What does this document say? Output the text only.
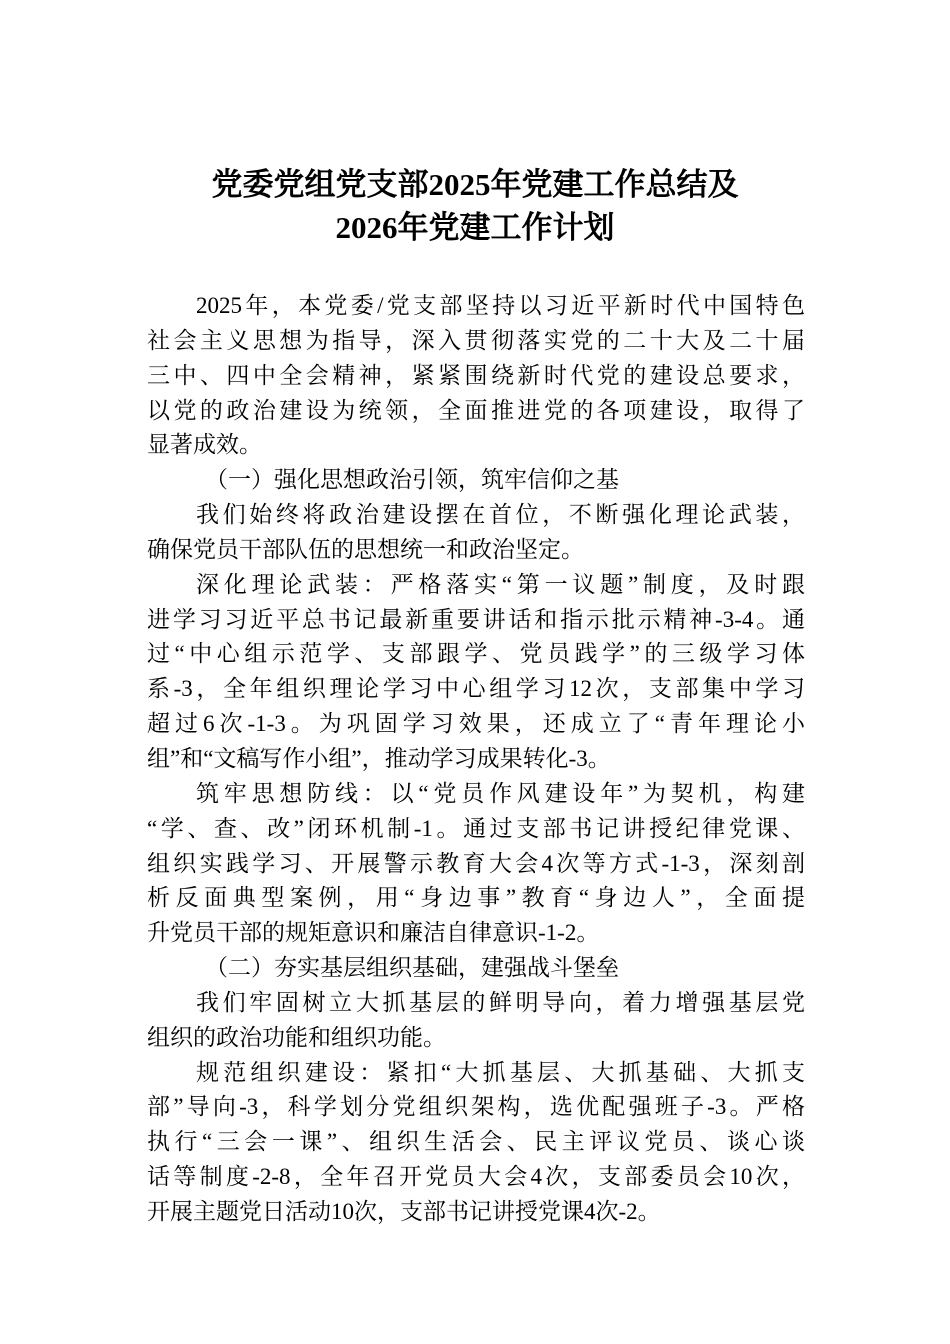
党委党组党支部2025年党建工作总结及
2026年党建工作计划
2025年，本党委/党支部坚持以习近平新时代中国特色
社会主义思想为指导，深入贯彻落实党的二十大及二十届
三中、四中全会精神，紧紧围绕新时代党的建设总要求，
以党的政治建设为统领，全面推进党的各项建设，取得了
显著成效。
（一）强化思想政治引领，筑牢信仰之基
我们始终将政治建设摆在首位，不断强化理论武装，
确保党员干部队伍的思想统一和政治坚定。
深化理论武装：严格落实“第一议题”制度，及时跟
进学习习近平总书记最新重要讲话和指示批示精神-3-4。通
过“中心组示范学、支部跟学、党员践学”的三级学习体
系-3，全年组织理论学习中心组学习12次，支部集中学习
超过6次-1-3。为巩固学习效果，还成立了“青年理论小
组”和“文稿写作小组”，推动学习成果转化-3。
筑牢思想防线：以“党员作风建设年”为契机，构建
“学、查、改”闭环机制-1。通过支部书记讲授纪律党课、
组织实践学习、开展警示教育大会4次等方式-1-3，深刻剖
析反面典型案例，用“身边事”教育“身边人”，全面提
升党员干部的规矩意识和廉洁自律意识-1-2。
（二）夯实基层组织基础，建强战斗堡垒
我们牢固树立大抓基层的鲜明导向，着力增强基层党
组织的政治功能和组织功能。
规范组织建设：紧扣“大抓基层、大抓基础、大抓支
部”导向-3，科学划分党组织架构，选优配强班子-3。严格
执行“三会一课”、组织生活会、民主评议党员、谈心谈
话等制度-2-8，全年召开党员大会4次，支部委员会10次，
开展主题党日活动10次，支部书记讲授党课4次-2。
